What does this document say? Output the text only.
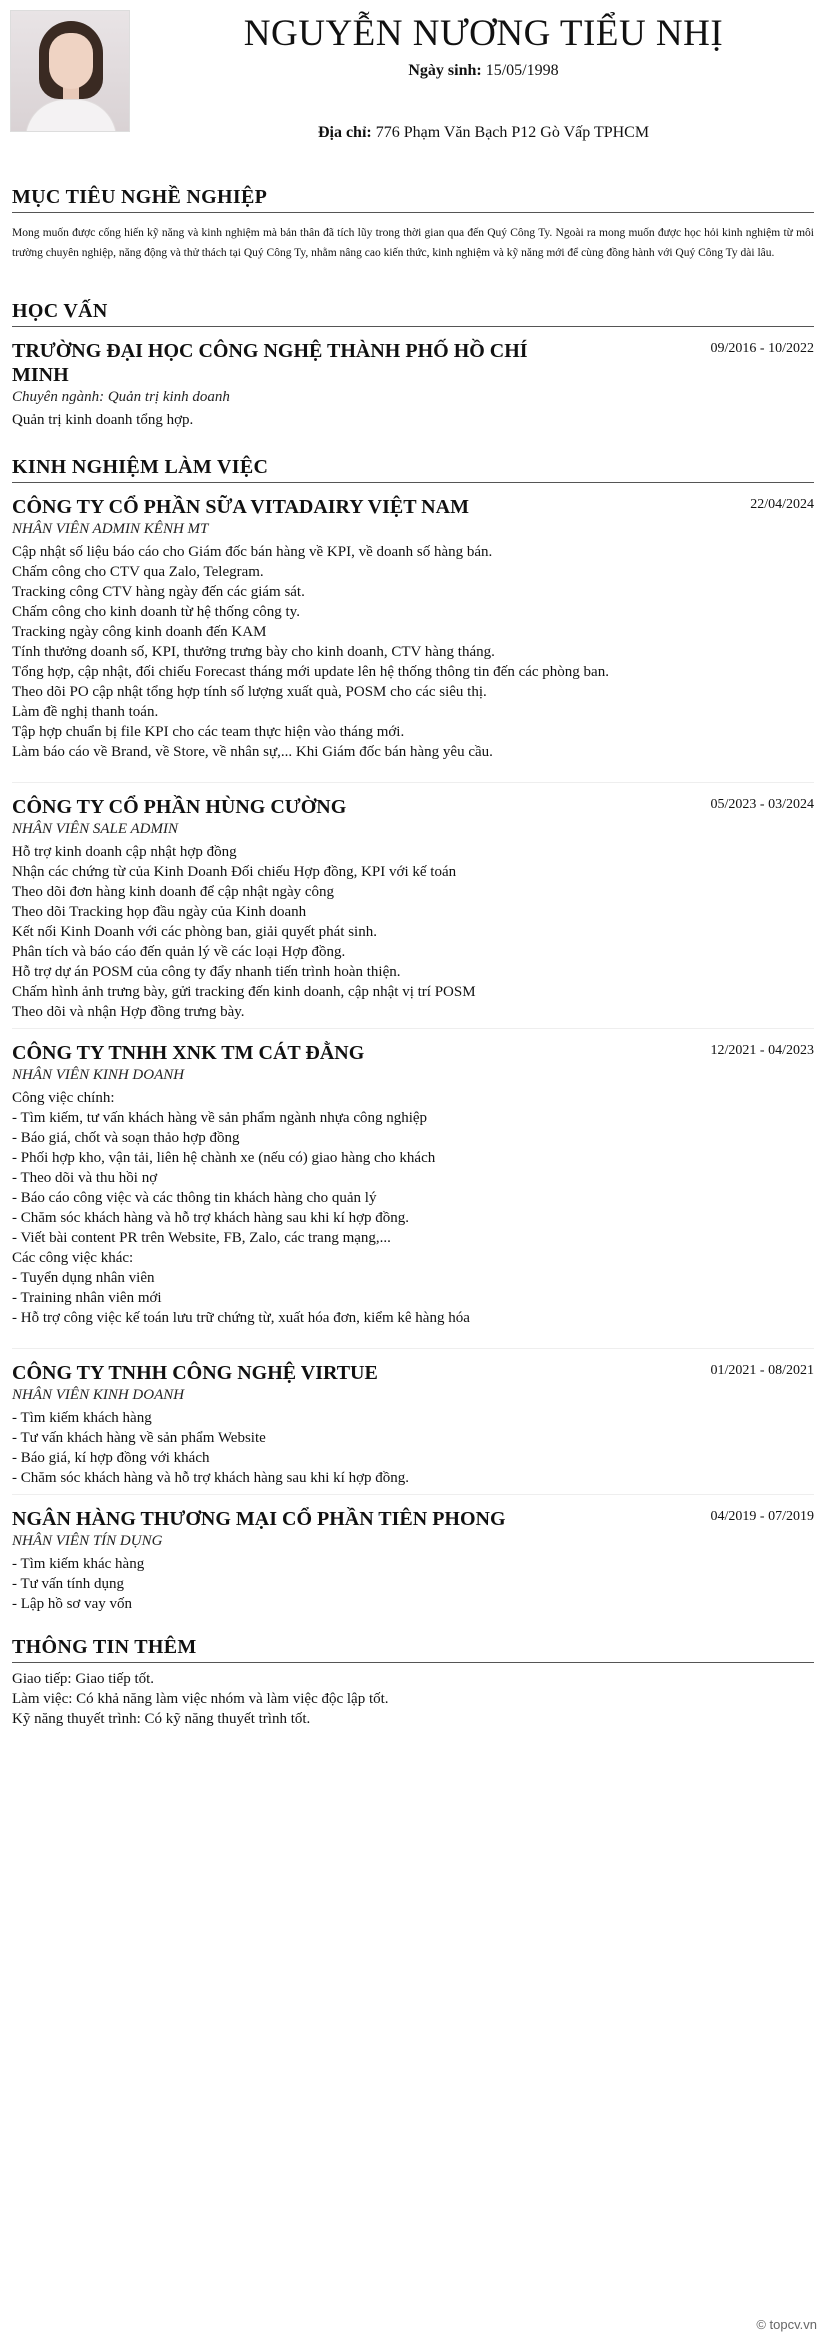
NGUYỄN NƯƠNG TIỂU NHỊ
Ngày sinh: 15/05/1998
Địa chỉ: 776 Phạm Văn Bạch P12 Gò Vấp TPHCM
MỤC TIÊU NGHỀ NGHIỆP
Mong muốn được cống hiến kỹ năng và kinh nghiệm mà bản thân đã tích lũy trong thời gian qua đến Quý Công Ty. Ngoài ra mong muốn được học hỏi kinh nghiệm từ môi trường chuyên nghiệp, năng động và thử thách tại Quý Công Ty, nhằm nâng cao kiến thức, kinh nghiệm và kỹ năng mới để cùng đồng hành với Quý Công Ty dài lâu.
HỌC VẤN
TRƯỜNG ĐẠI HỌC CÔNG NGHỆ THÀNH PHỐ HỒ CHÍ MINH
09/2016 - 10/2022
Chuyên ngành: Quản trị kinh doanh
Quản trị kinh doanh tổng hợp.
KINH NGHIỆM LÀM VIỆC
CÔNG TY CỔ PHẦN SỮA VITADAIRY VIỆT NAM	22/04/2024
NHÂN VIÊN ADMIN KÊNH MT
Cập nhật số liệu báo cáo cho Giám đốc bán hàng về KPI, về doanh số hàng bán.
Chấm công cho CTV qua Zalo, Telegram.
Tracking công CTV hàng ngày đến các giám sát.
Chấm công cho kinh doanh từ hệ thống công ty.
Tracking ngày công kinh doanh đến KAM
Tính thưởng doanh số, KPI, thưởng trưng bày cho kinh doanh, CTV hàng tháng.
Tổng hợp, cập nhật, đối chiếu Forecast tháng mới update lên hệ thống thông tin đến các phòng ban.
Theo dõi PO cập nhật tổng hợp tính số lượng xuất quà, POSM cho các siêu thị.
Làm đề nghị thanh toán.
Tập hợp chuẩn bị file KPI cho các team thực hiện vào tháng mới.
Làm báo cáo về Brand, về Store, về nhân sự,... Khi Giám đốc bán hàng yêu cầu.
CÔNG TY CỔ PHẦN HÙNG CƯỜNG	05/2023 - 03/2024
NHÂN VIÊN SALE ADMIN
Hỗ trợ kinh doanh cập nhật hợp đồng
Nhận các chứng từ của Kinh Doanh Đối chiếu Hợp đồng, KPI với kế toán
Theo dõi đơn hàng kinh doanh để cập nhật ngày công
Theo dõi Tracking họp đầu ngày của Kinh doanh
Kết nối Kinh Doanh với các phòng ban, giải quyết phát sinh.
Phân tích và báo cáo đến quản lý về các loại Hợp đồng.
Hỗ trợ dự án POSM của công ty đẩy nhanh tiến trình hoàn thiện.
Chấm hình ảnh trưng bày, gửi tracking đến kinh doanh, cập nhật vị trí POSM
Theo dõi và nhận Hợp đồng trưng bày.
CÔNG TY TNHH XNK TM CÁT ĐẰNG	12/2021 - 04/2023
NHÂN VIÊN KINH DOANH
Công việc chính:
- Tìm kiếm, tư vấn khách hàng về sản phẩm ngành nhựa công nghiệp
- Báo giá, chốt và soạn thảo hợp đồng
- Phối hợp kho, vận tải, liên hệ chành xe (nếu có) giao hàng cho khách
- Theo dõi và thu hồi nợ
- Báo cáo công việc và các thông tin khách hàng cho quản lý
- Chăm sóc khách hàng và hỗ trợ khách hàng sau khi kí hợp đồng.
- Viết bài content PR trên Website, FB, Zalo, các trang mạng,...
Các công việc khác:
- Tuyển dụng nhân viên
- Training nhân viên mới
- Hỗ trợ công việc kế toán lưu trữ chứng từ, xuất hóa đơn, kiểm kê hàng hóa
CÔNG TY TNHH CÔNG NGHỆ VIRTUE	01/2021 - 08/2021
NHÂN VIÊN KINH DOANH
- Tìm kiếm khách hàng
- Tư vấn khách hàng về sản phẩm Website
- Báo giá, kí hợp đồng với khách
- Chăm sóc khách hàng và hỗ trợ khách hàng sau khi kí hợp đồng.
NGÂN HÀNG THƯƠNG MẠI CỔ PHẦN TIÊN PHONG	04/2019 - 07/2019
NHÂN VIÊN TÍN DỤNG
- Tìm kiếm khác hàng
- Tư vấn tính dụng
- Lập hồ sơ vay vốn
THÔNG TIN THÊM
Giao tiếp: Giao tiếp tốt.
Làm việc: Có khả năng làm việc nhóm và làm việc độc lập tốt.
Kỹ năng thuyết trình: Có kỹ năng thuyết trình tốt.
© topcv.vn
